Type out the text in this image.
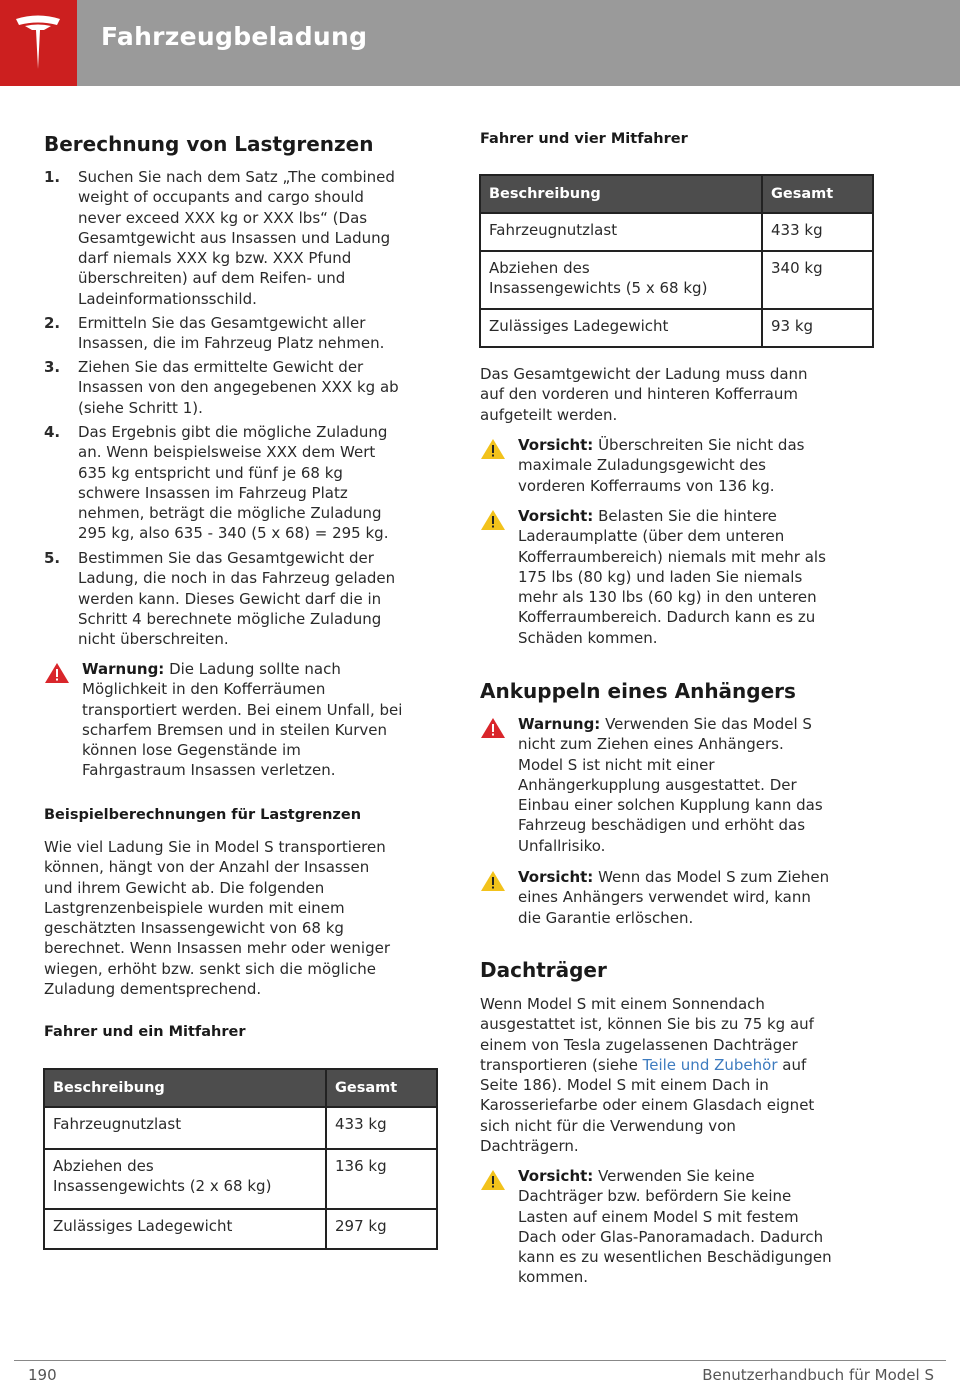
Fahrzeugbeladung
Berechnung von Lastgrenzen
1. Suchen Sie nach dem Satz „The combined
weight of occupants and cargo should
never exceed XXX kg or XXX lbs“ (Das
Gesamtgewicht aus Insassen und Ladung
darf niemals XXX kg bzw. XXX Pfund
überschreiten) auf dem Reifen- und
Ladeinformationsschild.
2. Ermitteln Sie das Gesamtgewicht aller
Insassen, die im Fahrzeug Platz nehmen.
3. Ziehen Sie das ermittelte Gewicht der
Insassen von den angegebenen XXX kg ab
(siehe Schritt 1).
4. Das Ergebnis gibt die mögliche Zuladung
an. Wenn beispielsweise XXX dem Wert
635 kg entspricht und fünf je 68 kg
schwere Insassen im Fahrzeug Platz
nehmen, beträgt die mögliche Zuladung
295 kg, also 635 - 340 (5 x 68) = 295 kg.
5. Bestimmen Sie das Gesamtgewicht der
Ladung, die noch in das Fahrzeug geladen
werden kann. Dieses Gewicht darf die in
Schritt 4 berechnete mögliche Zuladung
nicht überschreiten.
Warnung: Die Ladung sollte nach
Möglichkeit in den Kofferräumen
transportiert werden. Bei einem Unfall, bei
scharfem Bremsen und in steilen Kurven
können lose Gegenstände im
Fahrgastraum Insassen verletzen.
Beispielberechnungen für Lastgrenzen
Wie viel Ladung Sie in Model S transportieren
können, hängt von der Anzahl der Insassen
und ihrem Gewicht ab. Die folgenden
Lastgrenzenbeispiele wurden mit einem
geschätzten Insassengewicht von 68 kg
berechnet. Wenn Insassen mehr oder weniger
wiegen, erhöht bzw. senkt sich die mögliche
Zuladung dementsprechend.
Fahrer und ein Mitfahrer
Beschreibung	Gesamt

Fahrzeugnutzlast	433 kg

Abziehen des
Insassengewichts (2 x 68 kg)	136 kg

Zulässiges Ladegewicht	297 kg
Fahrer und vier Mitfahrer
Beschreibung	Gesamt

Fahrzeugnutzlast	433 kg

Abziehen des
Insassengewichts (5 x 68 kg)	340 kg

Zulässiges Ladegewicht	93 kg
Das Gesamtgewicht der Ladung muss dann
auf den vorderen und hinteren Kofferraum
aufgeteilt werden.
Vorsicht: Überschreiten Sie nicht das
maximale Zuladungsgewicht des
vorderen Kofferraums von 136 kg.
Vorsicht: Belasten Sie die hintere
Laderaumplatte (über dem unteren
Kofferraumbereich) niemals mit mehr als
175 lbs (80 kg) und laden Sie niemals
mehr als 130 lbs (60 kg) in den unteren
Kofferraumbereich. Dadurch kann es zu
Schäden kommen.
Ankuppeln eines Anhängers
Warnung: Verwenden Sie das Model S
nicht zum Ziehen eines Anhängers.
Model S ist nicht mit einer
Anhängerkupplung ausgestattet. Der
Einbau einer solchen Kupplung kann das
Fahrzeug beschädigen und erhöht das
Unfallrisiko.
Vorsicht: Wenn das Model S zum Ziehen
eines Anhängers verwendet wird, kann
die Garantie erlöschen.
Dachträger
Wenn Model S mit einem Sonnendach
ausgestattet ist, können Sie bis zu 75 kg auf
einem von Tesla zugelassenen Dachträger
transportieren (siehe Teile und Zubehör auf
Seite 186). Model S mit einem Dach in
Karosseriefarbe oder einem Glasdach eignet
sich nicht für die Verwendung von
Dachträgern.
Vorsicht: Verwenden Sie keine
Dachträger bzw. befördern Sie keine
Lasten auf einem Model S mit festem
Dach oder Glas-Panoramadach. Dadurch
kann es zu wesentlichen Beschädigungen
kommen.
190	Benutzerhandbuch für Model S
